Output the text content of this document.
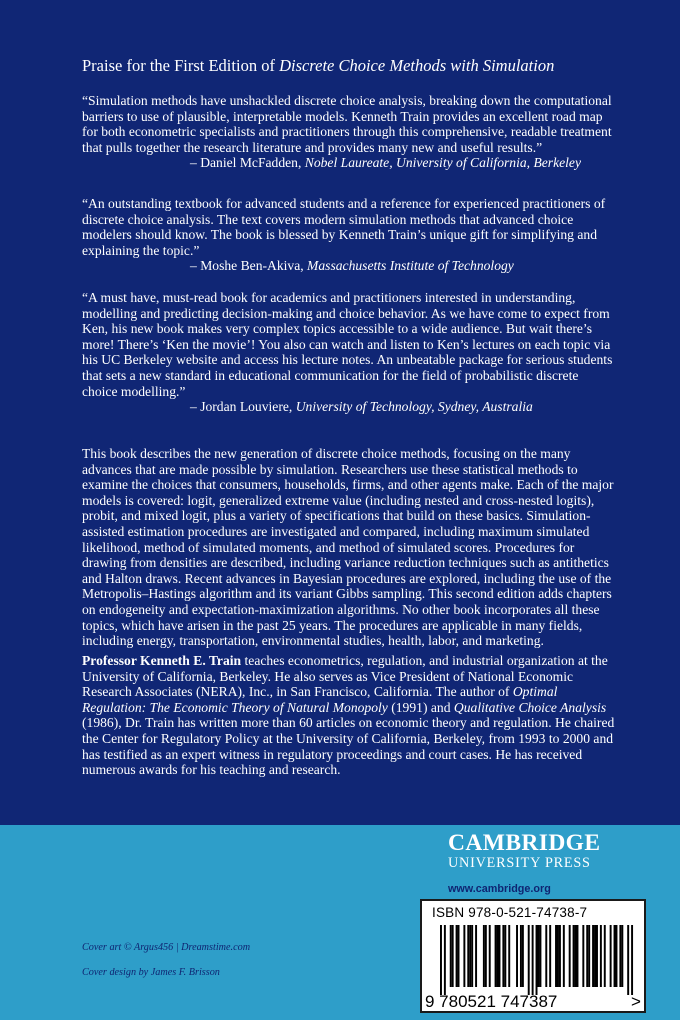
Praise for the First Edition of Discrete Choice Methods with Simulation
“Simulation methods have unshackled discrete choice analysis, breaking down the computational barriers to use of plausible, interpretable models. Kenneth Train provides an excellent road map for both econometric specialists and practitioners through this comprehensive, readable treatment that pulls together the research literature and provides many new and useful results.”
– Daniel McFadden, Nobel Laureate, University of California, Berkeley
“An outstanding textbook for advanced students and a reference for experienced practitioners of discrete choice analysis. The text covers modern simulation methods that advanced choice modelers should know. The book is blessed by Kenneth Train’s unique gift for simplifying and explaining the topic.”
– Moshe Ben-Akiva, Massachusetts Institute of Technology
“A must have, must-read book for academics and practitioners interested in understanding, modelling and predicting decision-making and choice behavior. As we have come to expect from Ken, his new book makes very complex topics accessible to a wide audience. But wait there’s more! There’s ‘Ken the movie’! You also can watch and listen to Ken’s lectures on each topic via his UC Berkeley website and access his lecture notes. An unbeatable package for serious students that sets a new standard in educational communication for the field of probabilistic discrete choice modelling.”
– Jordan Louviere, University of Technology, Sydney, Australia
This book describes the new generation of discrete choice methods, focusing on the many advances that are made possible by simulation. Researchers use these statistical methods to examine the choices that consumers, households, firms, and other agents make. Each of the major models is covered: logit, generalized extreme value (including nested and cross-nested logits), probit, and mixed logit, plus a variety of specifications that build on these basics. Simulation-assisted estimation procedures are investigated and compared, including maximum simulated likelihood, method of simulated moments, and method of simulated scores. Procedures for drawing from densities are described, including variance reduction techniques such as antithetics and Halton draws. Recent advances in Bayesian procedures are explored, including the use of the Metropolis–Hastings algorithm and its variant Gibbs sampling. This second edition adds chapters on endogeneity and expectation-maximization algorithms. No other book incorporates all these topics, which have arisen in the past 25 years. The procedures are applicable in many fields, including energy, transportation, environmental studies, health, labor, and marketing.
Professor Kenneth E. Train teaches econometrics, regulation, and industrial organization at the University of California, Berkeley. He also serves as Vice President of National Economic Research Associates (NERA), Inc., in San Francisco, California. The author of Optimal Regulation: The Economic Theory of Natural Monopoly (1991) and Qualitative Choice Analysis (1986), Dr. Train has written more than 60 articles on economic theory and regulation. He chaired the Center for Regulatory Policy at the University of California, Berkeley, from 1993 to 2000 and has testified as an expert witness in regulatory proceedings and court cases. He has received numerous awards for his teaching and research.
CAMBRIDGE
UNIVERSITY PRESS
www.cambridge.org
9 780521 747387	>
ISBN 978-0-521-74738-7
Cover art © Argus456 | Dreamstime.com
Cover design by James F. Brisson
